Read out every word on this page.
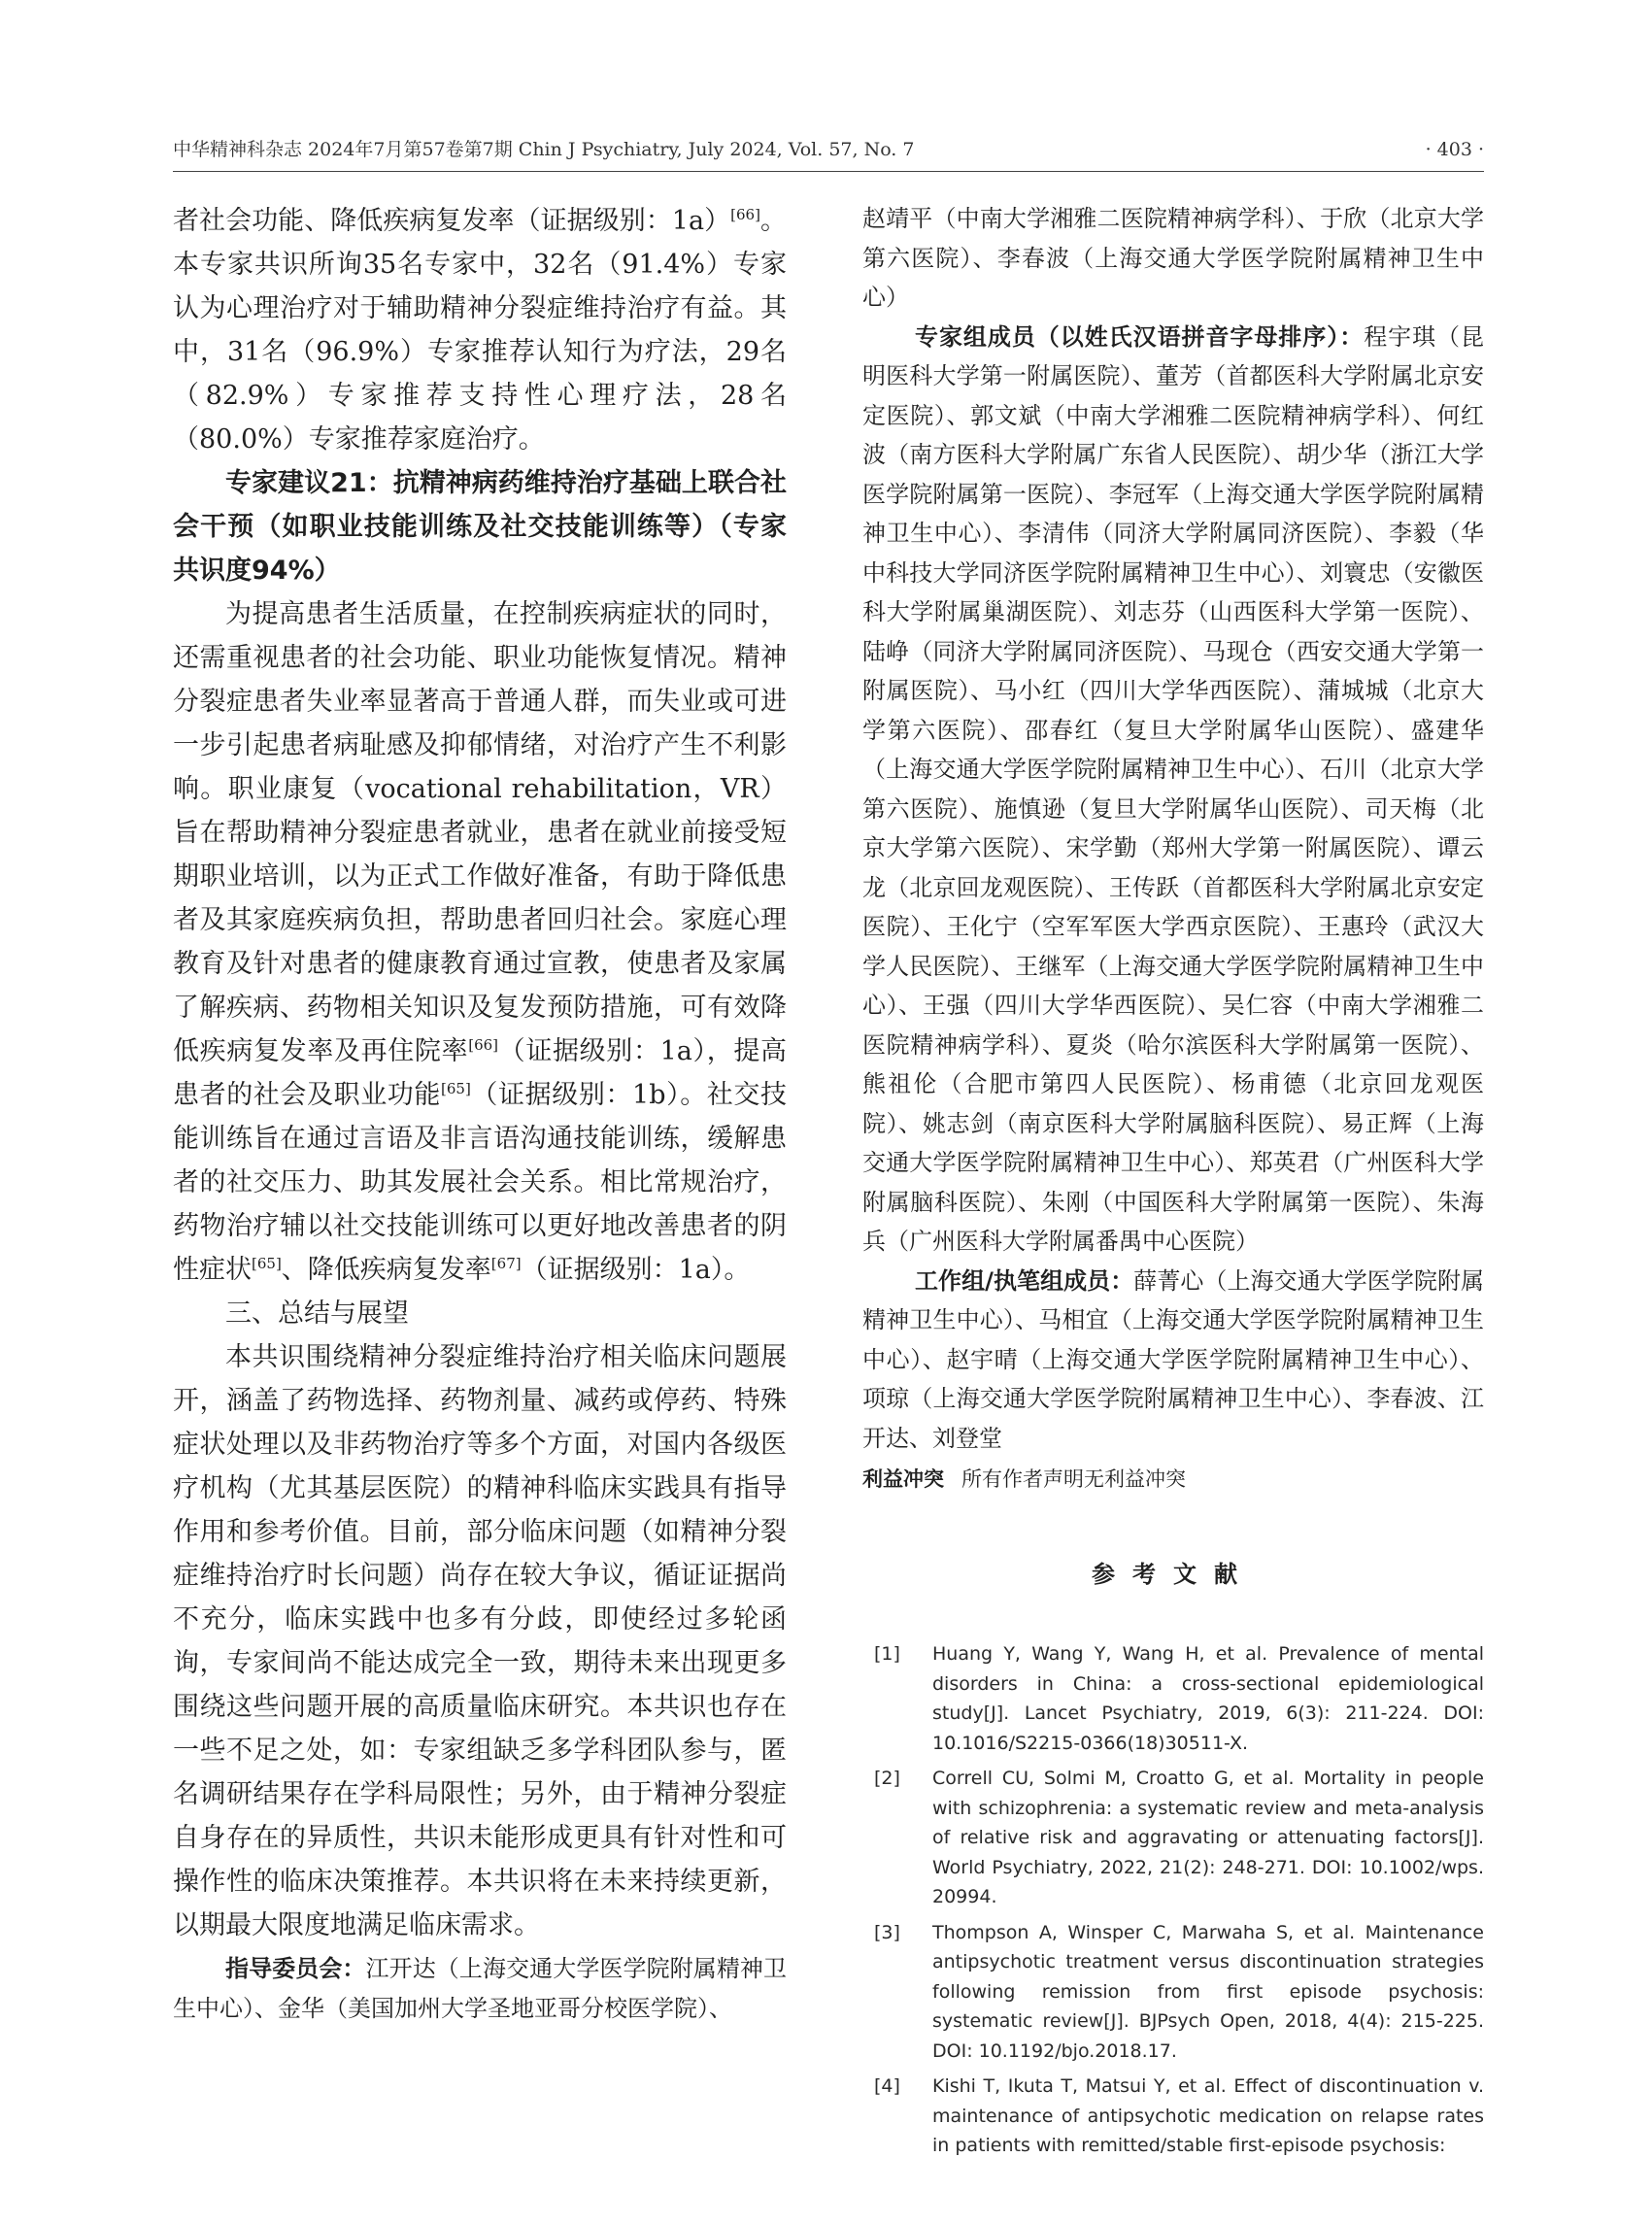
中华精神科杂志 2024年7月第57卷第7期 Chin J Psychiatry, July 2024, Vol. 57, No. 7	· 403 ·

者社会功能、降低疾病复发率（证据级别：1a）[66]。本专家共识所询35名专家中，32名（91.4%）专家认为心理治疗对于辅助精神分裂症维持治疗有益。其中，31名（96.9%）专家推荐认知行为疗法，29名（82.9%）专家推荐支持性心理疗法，28名（80.0%）专家推荐家庭治疗。

专家建议21：抗精神病药维持治疗基础上联合社会干预（如职业技能训练及社交技能训练等）（专家共识度94%）

为提高患者生活质量，在控制疾病症状的同时，还需重视患者的社会功能、职业功能恢复情况。精神分裂症患者失业率显著高于普通人群，而失业或可进一步引起患者病耻感及抑郁情绪，对治疗产生不利影响。职业康复（vocational rehabilitation，VR）旨在帮助精神分裂症患者就业，患者在就业前接受短期职业培训，以为正式工作做好准备，有助于降低患者及其家庭疾病负担，帮助患者回归社会。家庭心理教育及针对患者的健康教育通过宣教，使患者及家属了解疾病、药物相关知识及复发预防措施，可有效降低疾病复发率及再住院率[66]（证据级别：1a），提高患者的社会及职业功能[65]（证据级别：1b）。社交技能训练旨在通过言语及非言语沟通技能训练，缓解患者的社交压力、助其发展社会关系。相比常规治疗，药物治疗辅以社交技能训练可以更好地改善患者的阴性症状[65]、降低疾病复发率[67]（证据级别：1a）。

三、总结与展望

本共识围绕精神分裂症维持治疗相关临床问题展开，涵盖了药物选择、药物剂量、减药或停药、特殊症状处理以及非药物治疗等多个方面，对国内各级医疗机构（尤其基层医院）的精神科临床实践具有指导作用和参考价值。目前，部分临床问题（如精神分裂症维持治疗时长问题）尚存在较大争议，循证证据尚不充分，临床实践中也多有分歧，即使经过多轮函询，专家间尚不能达成完全一致，期待未来出现更多围绕这些问题开展的高质量临床研究。本共识也存在一些不足之处，如：专家组缺乏多学科团队参与，匿名调研结果存在学科局限性；另外，由于精神分裂症自身存在的异质性，共识未能形成更具有针对性和可操作性的临床决策推荐。本共识将在未来持续更新，以期最大限度地满足临床需求。

指导委员会：江开达（上海交通大学医学院附属精神卫生中心）、金华（美国加州大学圣地亚哥分校医学院）、

赵靖平（中南大学湘雅二医院精神病学科）、于欣（北京大学第六医院）、李春波（上海交通大学医学院附属精神卫生中心）

专家组成员（以姓氏汉语拼音字母排序）：程宇琪（昆明医科大学第一附属医院）、董芳（首都医科大学附属北京安定医院）、郭文斌（中南大学湘雅二医院精神病学科）、何红波（南方医科大学附属广东省人民医院）、胡少华（浙江大学医学院附属第一医院）、李冠军（上海交通大学医学院附属精神卫生中心）、李清伟（同济大学附属同济医院）、李毅（华中科技大学同济医学院附属精神卫生中心）、刘寰忠（安徽医科大学附属巢湖医院）、刘志芬（山西医科大学第一医院）、陆峥（同济大学附属同济医院）、马现仓（西安交通大学第一附属医院）、马小红（四川大学华西医院）、蒲城城（北京大学第六医院）、邵春红（复旦大学附属华山医院）、盛建华（上海交通大学医学院附属精神卫生中心）、石川（北京大学第六医院）、施慎逊（复旦大学附属华山医院）、司天梅（北京大学第六医院）、宋学勤（郑州大学第一附属医院）、谭云龙（北京回龙观医院）、王传跃（首都医科大学附属北京安定医院）、王化宁（空军军医大学西京医院）、王惠玲（武汉大学人民医院）、王继军（上海交通大学医学院附属精神卫生中心）、王强（四川大学华西医院）、吴仁容（中南大学湘雅二医院精神病学科）、夏炎（哈尔滨医科大学附属第一医院）、熊祖伦（合肥市第四人民医院）、杨甫德（北京回龙观医院）、姚志剑（南京医科大学附属脑科医院）、易正辉（上海交通大学医学院附属精神卫生中心）、郑英君（广州医科大学附属脑科医院）、朱刚（中国医科大学附属第一医院）、朱海兵（广州医科大学附属番禺中心医院）

工作组/执笔组成员：薛菁心（上海交通大学医学院附属精神卫生中心）、马相宜（上海交通大学医学院附属精神卫生中心）、赵宇晴（上海交通大学医学院附属精神卫生中心）、项琼（上海交通大学医学院附属精神卫生中心）、李春波、江开达、刘登堂

利益冲突 所有作者声明无利益冲突

参考文献
[1] Huang Y, Wang Y, Wang H, et al. Prevalence of mental disorders in China: a cross-sectional epidemiological study[J]. Lancet Psychiatry, 2019, 6(3): 211-224. DOI: 10.1016/S2215-0366(18)30511-X.
[2] Correll CU, Solmi M, Croatto G, et al. Mortality in people with schizophrenia: a systematic review and meta-analysis of relative risk and aggravating or attenuating factors[J]. World Psychiatry, 2022, 21(2): 248-271. DOI: 10.1002/wps. 20994.
[3] Thompson A, Winsper C, Marwaha S, et al. Maintenance antipsychotic treatment versus discontinuation strategies following remission from first episode psychosis: systematic review[J]. BJPsych Open, 2018, 4(4): 215-225. DOI: 10.1192/bjo.2018.17.
[4] Kishi T, Ikuta T, Matsui Y, et al. Effect of discontinuation v. maintenance of antipsychotic medication on relapse rates in patients with remitted/stable first-episode psychosis:
